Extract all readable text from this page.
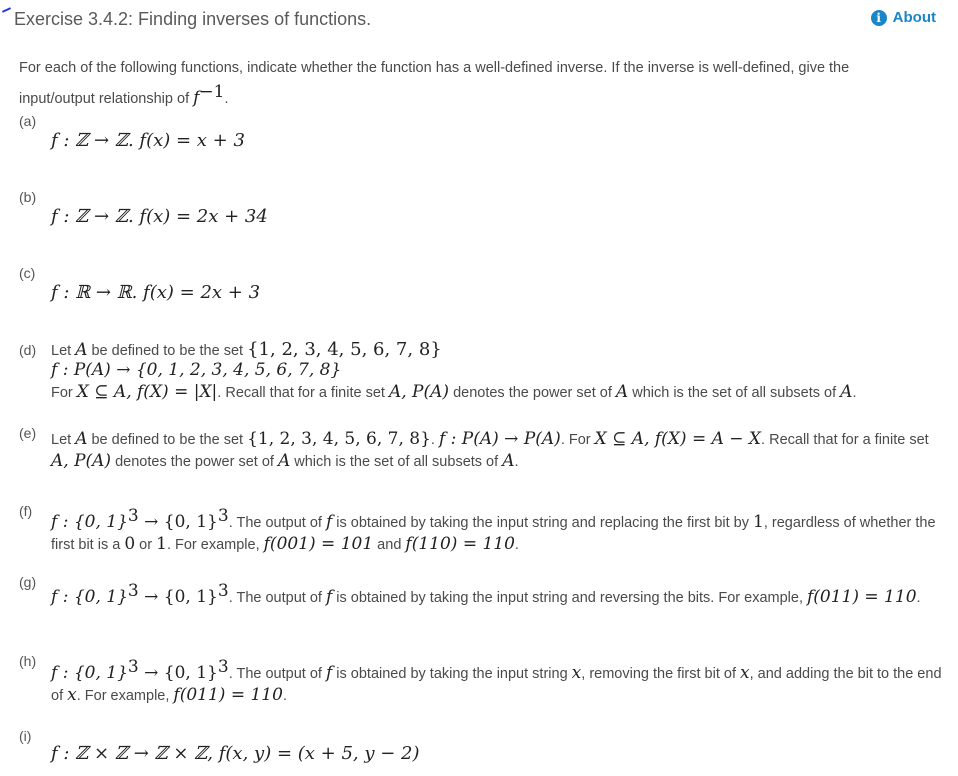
Exercise 3.4.2: Finding inverses of functions.	i About
For each of the following functions, indicate whether the function has a well-defined inverse. If the inverse is well-defined, give the input/output relationship of $f^{-1}$.
(a)
f : ℤ → ℤ. f(x) = x + 3
(b)
f : ℤ → ℤ. f(x) = 2x + 34
(c)
f : ℝ → ℝ. f(x) = 2x + 3
(d) Let A be defined to be the set {1, 2, 3, 4, 5, 6, 7, 8}
f : P(A) → {0, 1, 2, 3, 4, 5, 6, 7, 8}
For X ⊆ A, f(X) = |X|. Recall that for a finite set A, P(A) denotes the power set of A which is the set of all subsets of A.
(e) Let A be defined to be the set {1, 2, 3, 4, 5, 6, 7, 8}. f : P(A) → P(A). For X ⊆ A, f(X) = A − X. Recall that for a finite set A, P(A) denotes the power set of A which is the set of all subsets of A.
(f)
f : {0, 1}$^3$ → {0, 1}$^3$. The output of f is obtained by taking the input string and replacing the first bit by 1, regardless of whether the first bit is a 0 or 1. For example, f(001) = 101 and f(110) = 110.
(g)
f : {0, 1}$^3$ → {0, 1}$^3$. The output of f is obtained by taking the input string and reversing the bits. For example, f(011) = 110.
(h)
f : {0, 1}$^3$ → {0, 1}$^3$. The output of f is obtained by taking the input string x, removing the first bit of x, and adding the bit to the end of x. For example, f(011) = 110.
(i)
f : ℤ × ℤ → ℤ × ℤ, f(x, y) = (x + 5, y − 2)
